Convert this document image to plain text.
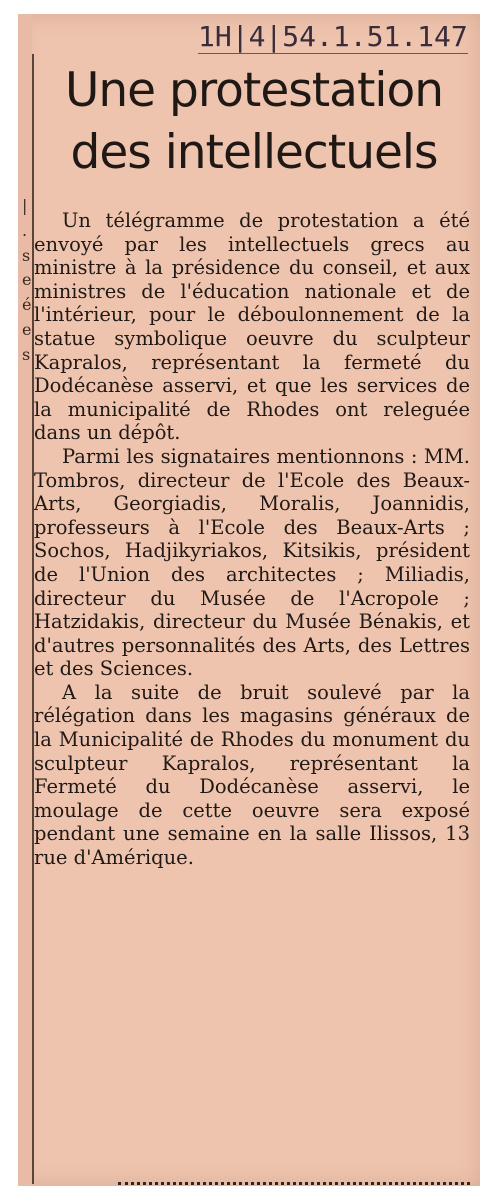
|
.
s
e
é
e
s
1H|4|54.1.51.147
Une protestation des intellectuels

Un télégramme de protestation a été envoyé par les intellectuels grecs au ministre à la présidence du conseil, et aux ministres de l'éducation nationale et de l'intérieur, pour le déboulonnement de la statue symbolique oeuvre du sculpteur Kapralos, représentant la fermeté du Dodécanèse asservi, et que les services de la municipalité de Rhodes ont releguée dans un dépôt.

Parmi les signataires mentionnons : MM. Tombros, directeur de l'Ecole des Beaux-Arts, Georgiadis, Moralis, Joannidis, professeurs à l'Ecole des Beaux-Arts ; Sochos, Hadjikyriakos, Kitsikis, président de l'Union des architectes ; Miliadis, directeur du Musée de l'Acropole ; Hatzidakis, directeur du Musée Bénakis, et d'autres personnalités des Arts, des Lettres et des Sciences.

A la suite de bruit soulevé par la rélégation dans les magasins généraux de la Municipalité de Rhodes du monument du sculpteur Kapralos, représentant la Fermeté du Dodécanèse asservi, le moulage de cette oeuvre sera exposé pendant une semaine en la salle Ilissos, 13 rue d'Amérique.
